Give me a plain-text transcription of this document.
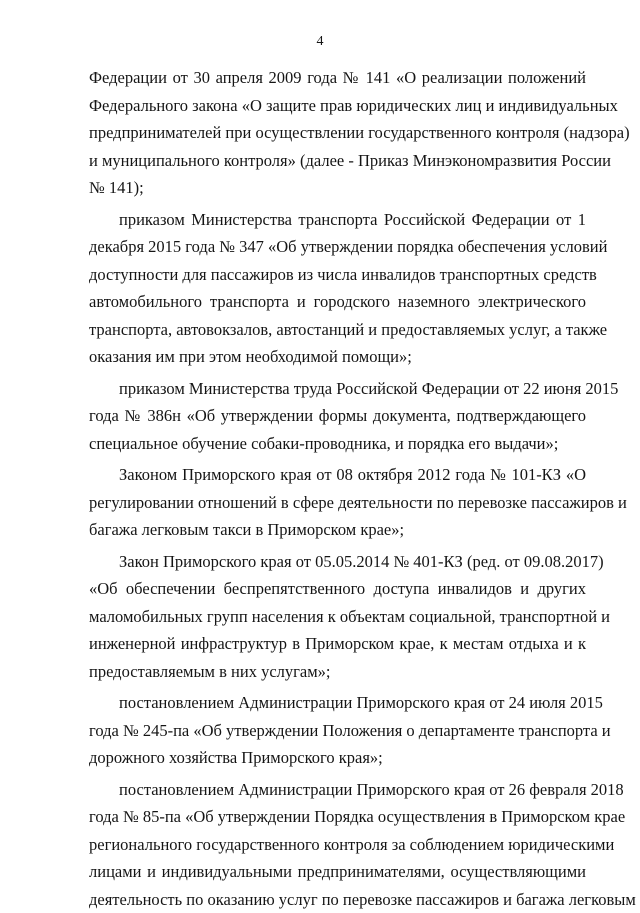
4
Федерации от 30 апреля 2009 года № 141 «О реализации положений
Федерального закона «О защите прав юридических лиц и индивидуальных
предпринимателей при осуществлении государственного контроля (надзора)
и муниципального контроля» (далее - Приказ Минэкономразвития России
№ 141);
приказом Министерства транспорта Российской Федерации от 1
декабря 2015 года № 347 «Об утверждении порядка обеспечения условий
доступности для пассажиров из числа инвалидов транспортных средств
автомобильного транспорта и городского наземного электрического
транспорта, автовокзалов, автостанций и предоставляемых услуг, а также
оказания им при этом необходимой помощи»;
приказом Министерства труда Российской Федерации от 22 июня 2015
года № 386н «Об утверждении формы документа, подтверждающего
специальное обучение собаки-проводника, и порядка его выдачи»;
Законом Приморского края от 08 октября 2012 года № 101-КЗ «О
регулировании отношений в сфере деятельности по перевозке пассажиров и
багажа легковым такси в Приморском крае»;
Закон Приморского края от 05.05.2014 № 401-КЗ (ред. от 09.08.2017)
«Об обеспечении беспрепятственного доступа инвалидов и других
маломобильных групп населения к объектам социальной, транспортной и
инженерной инфраструктур в Приморском крае, к местам отдыха и к
предоставляемым в них услугам»;
постановлением Администрации Приморского края от 24 июля 2015
года № 245-па «Об утверждении Положения о департаменте транспорта и
дорожного хозяйства Приморского края»;
постановлением Администрации Приморского края от 26 февраля 2018
года № 85-па «Об утверждении Порядка осуществления в Приморском крае
регионального государственного контроля за соблюдением юридическими
лицами и индивидуальными предпринимателями, осуществляющими
деятельность по оказанию услуг по перевозке пассажиров и багажа легковым
